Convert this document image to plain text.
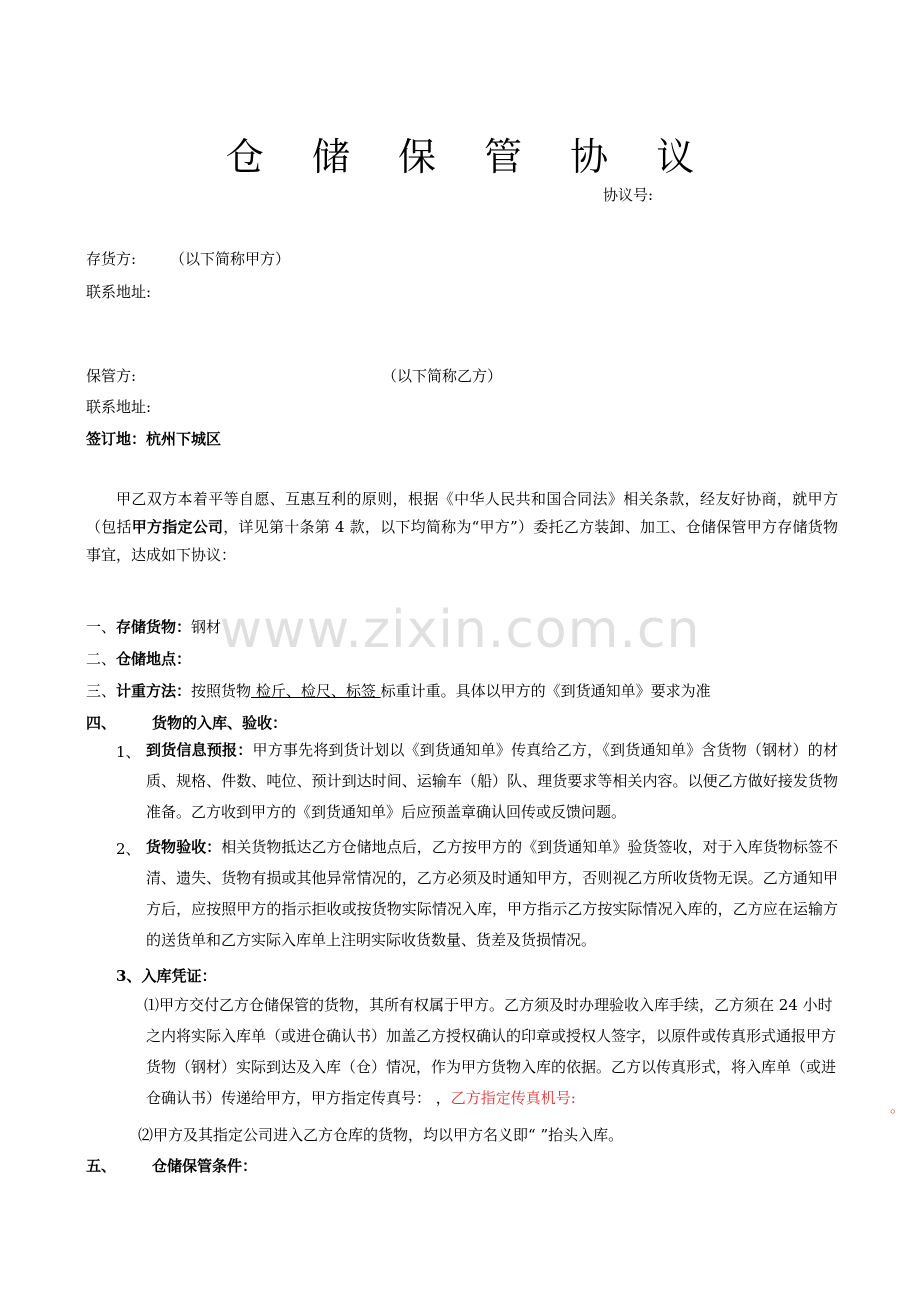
仓 储 保 管 协 议
www.zixin.com.cn
协议号:
存货方: （以下简称甲方）
联系地址:
保管方:	（以下简称乙方）
联系地址:
签订地：杭州下城区
甲乙双方本着平等自愿、互惠互利的原则，根据《中华人民共和国合同法》相关条款，经友好协商，就甲方（包括甲方指定公司，详见第十条第 4 款，以下均简称为“甲方”）委托乙方装卸、加工、仓储保管甲方存储货物事宜，达成如下协议：
一、存储货物：钢材
二、仓储地点：
三、计重方法：按照货物 检斤、检尺、标签 标重计重。具体以甲方的《到货通知单》要求为准
四、 货物的入库、验收：
1、 到货信息预报：甲方事先将到货计划以《到货通知单》传真给乙方，《到货通知单》含货物（钢材）的材质、规格、件数、吨位、预计到达时间、运输车（船）队、理货要求等相关内容。以便乙方做好接发货物准备。乙方收到甲方的《到货通知单》后应预盖章确认回传或反馈问题。
2、 货物验收：相关货物抵达乙方仓储地点后，乙方按甲方的《到货通知单》验货签收，对于入库货物标签不清、遗失、货物有损或其他异常情况的，乙方必须及时通知甲方，否则视乙方所收货物无误。乙方通知甲方后，应按照甲方的指示拒收或按货物实际情况入库，甲方指示乙方按实际情况入库的，乙方应在运输方的送货单和乙方实际入库单上注明实际收货数量、货差及货损情况。
3、入库凭证：
⑴甲方交付乙方仓储保管的货物，其所有权属于甲方。乙方须及时办理验收入库手续，乙方须在 24 小时之内将实际入库单（或进仓确认书）加盖乙方授权确认的印章或授权人签字，以原件或传真形式通报甲方货物（钢材）实际到达及入库（仓）情况，作为甲方货物入库的依据。乙方以传真形式，将入库单（或进仓确认书）传递给甲方，甲方指定传真号： ，乙方指定传真机号:	。
⑵甲方及其指定公司进入乙方仓库的货物，均以甲方名义即“ ”抬头入库。
五、 仓储保管条件：
